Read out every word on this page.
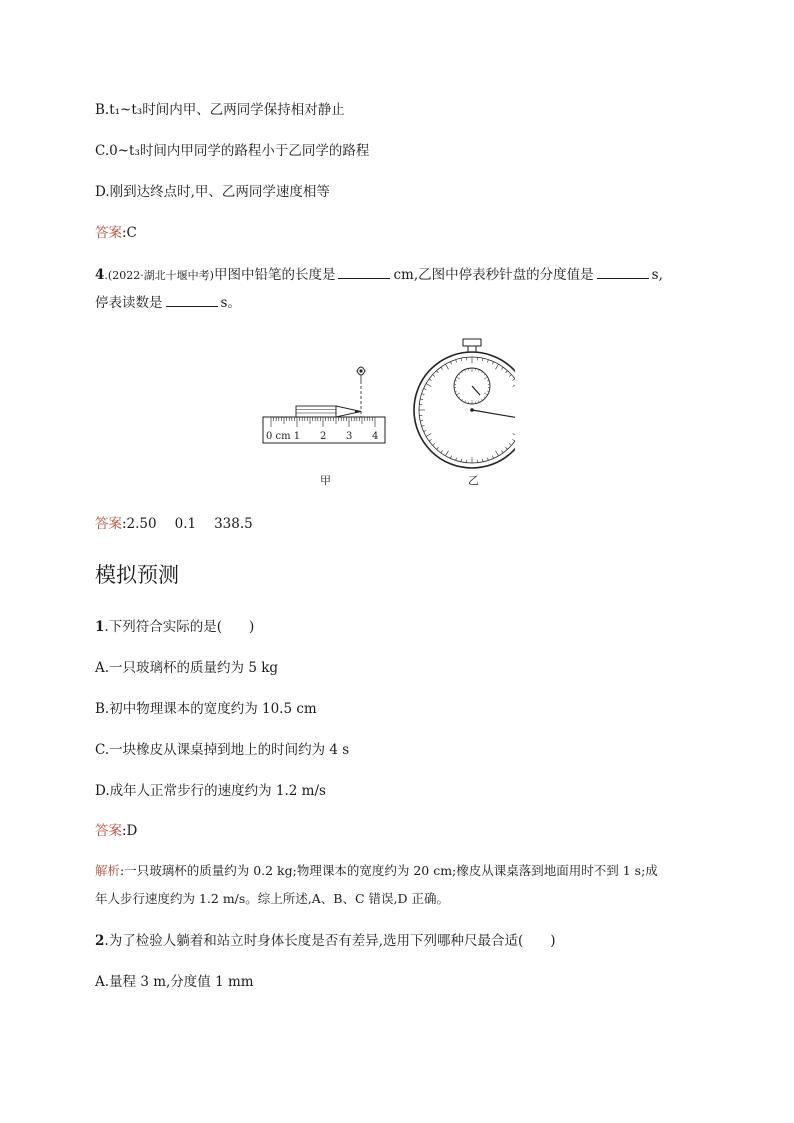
B.t₁~t₃时间内甲、乙两同学保持相对静止
C.0~t₃时间内甲同学的路程小于乙同学的路程
D.刚到达终点时,甲、乙两同学速度相等
答案:C
4.(2022·湖北十堰中考)甲图中铅笔的长度是	cm,乙图中停表秒针盘的分度值是	s,
停表读数是	s。
0 cm 1 2 3 4
甲	乙
答案:2.50 0.1 338.5
模拟预测
1.下列符合实际的是(　　)
A.一只玻璃杯的质量约为 5 kg
B.初中物理课本的宽度约为 10.5 cm
C.一块橡皮从课桌掉到地上的时间约为 4 s
D.成年人正常步行的速度约为 1.2 m/s
答案:D
解析:一只玻璃杯的质量约为 0.2 kg;物理课本的宽度约为 20 cm;橡皮从课桌落到地面用时不到 1 s;成
年人步行速度约为 1.2 m/s。综上所述,A、B、C 错误,D 正确。
2.为了检验人躺着和站立时身体长度是否有差异,选用下列哪种尺最合适(　　)
A.量程 3 m,分度值 1 mm
